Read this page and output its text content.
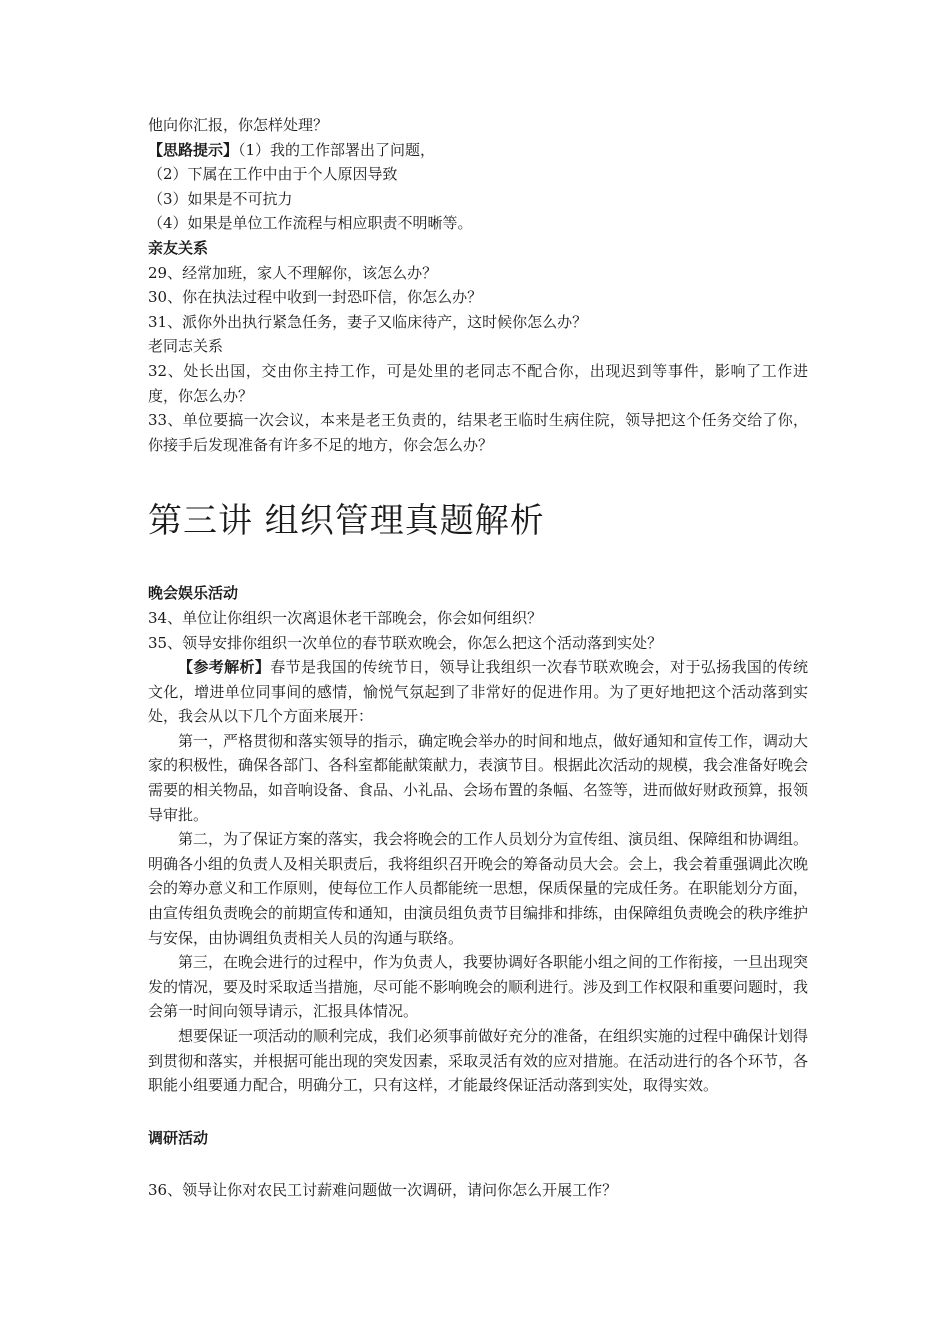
他向你汇报，你怎样处理？

【思路提示】（1）我的工作部署出了问题，

（2）下属在工作中由于个人原因导致

（3）如果是不可抗力

（4）如果是单位工作流程与相应职责不明晰等。

亲友关系

29、经常加班，家人不理解你，该怎么办？

30、你在执法过程中收到一封恐吓信，你怎么办？

31、派你外出执行紧急任务，妻子又临床待产，这时候你怎么办？

老同志关系

32、处长出国，交由你主持工作，可是处里的老同志不配合你，出现迟到等事件，影响了工作进度，你怎么办？

33、单位要搞一次会议，本来是老王负责的，结果老王临时生病住院，领导把这个任务交给了你，你接手后发现准备有许多不足的地方，你会怎么办？

第三讲 组织管理真题解析

晚会娱乐活动

34、单位让你组织一次离退休老干部晚会，你会如何组织？

35、领导安排你组织一次单位的春节联欢晚会，你怎么把这个活动落到实处？

【参考解析】春节是我国的传统节日，领导让我组织一次春节联欢晚会，对于弘扬我国的传统文化，增进单位同事间的感情，愉悦气氛起到了非常好的促进作用。为了更好地把这个活动落到实处，我会从以下几个方面来展开：

第一，严格贯彻和落实领导的指示，确定晚会举办的时间和地点，做好通知和宣传工作，调动大家的积极性，确保各部门、各科室都能献策献力，表演节目。根据此次活动的规模，我会准备好晚会需要的相关物品，如音响设备、食品、小礼品、会场布置的条幅、名签等，进而做好财政预算，报领导审批。

第二，为了保证方案的落实，我会将晚会的工作人员划分为宣传组、演员组、保障组和协调组。明确各小组的负责人及相关职责后，我将组织召开晚会的筹备动员大会。会上，我会着重强调此次晚会的筹办意义和工作原则，使每位工作人员都能统一思想，保质保量的完成任务。在职能划分方面，由宣传组负责晚会的前期宣传和通知，由演员组负责节目编排和排练，由保障组负责晚会的秩序维护与安保，由协调组负责相关人员的沟通与联络。

第三，在晚会进行的过程中，作为负责人，我要协调好各职能小组之间的工作衔接，一旦出现突发的情况，要及时采取适当措施，尽可能不影响晚会的顺利进行。涉及到工作权限和重要问题时，我会第一时间向领导请示，汇报具体情况。

想要保证一项活动的顺利完成，我们必须事前做好充分的准备，在组织实施的过程中确保计划得到贯彻和落实，并根据可能出现的突发因素，采取灵活有效的应对措施。在活动进行的各个环节，各职能小组要通力配合，明确分工，只有这样，才能最终保证活动落到实处，取得实效。

调研活动

36、领导让你对农民工讨薪难问题做一次调研，请问你怎么开展工作？
